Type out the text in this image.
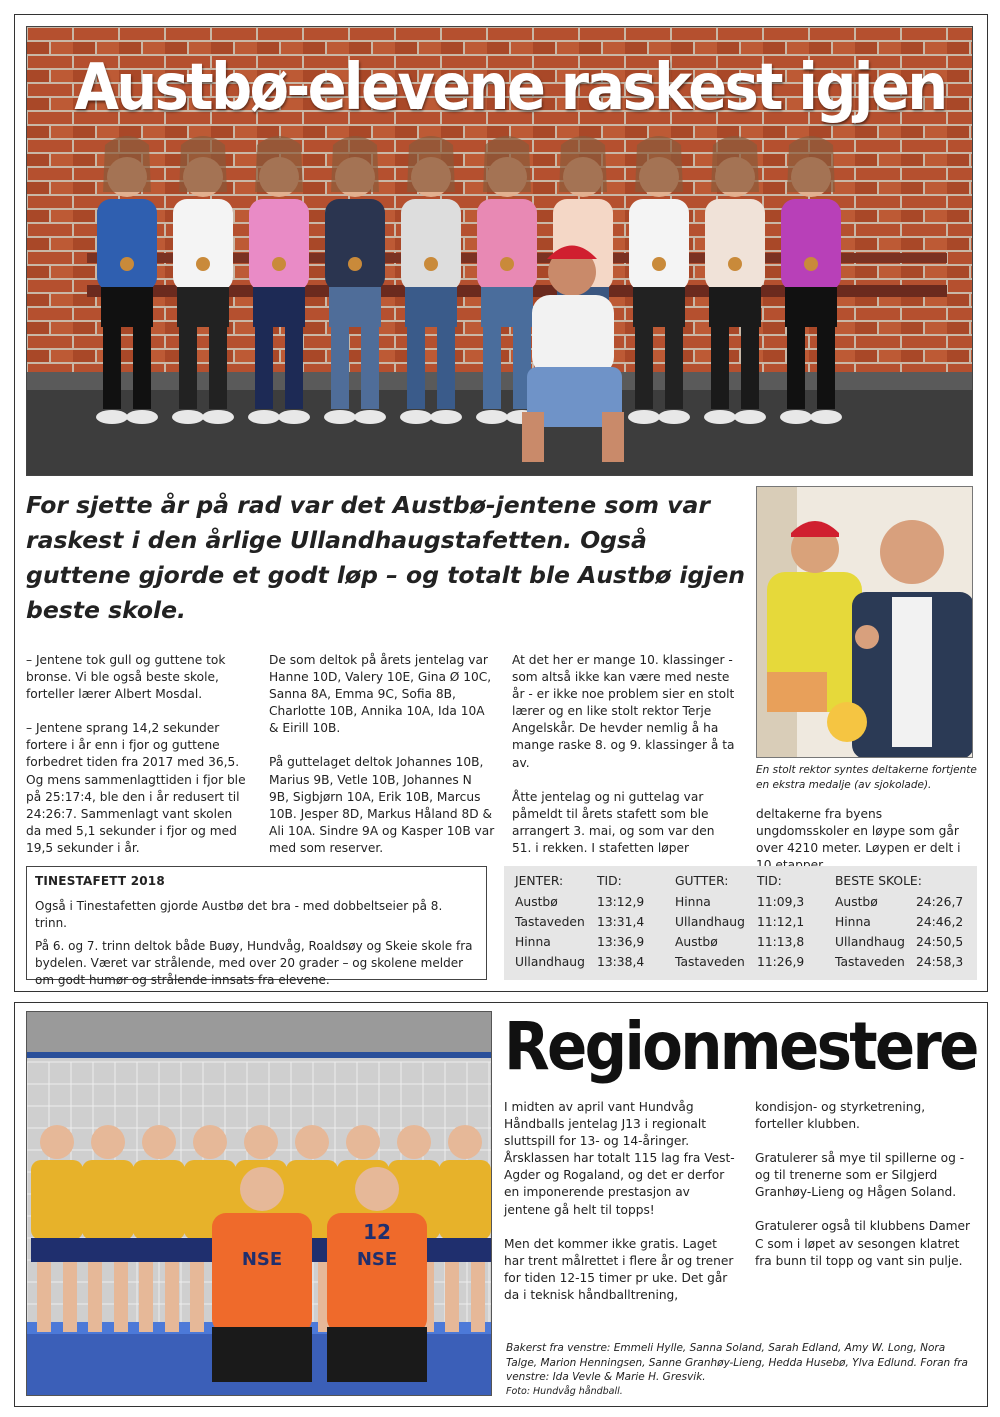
Austbø-elevene raskest igjen

For sjette år på rad var det Austbø-jentene som var raskest i den årlige Ullandhaugstafetten. Også guttene gjorde et godt løp – og totalt ble Austbø igjen beste skole.

En stolt rektor syntes deltakerne fortjente en ekstra medalje (av sjokolade).

– Jentene tok gull og guttene tok bronse. Vi ble også beste skole, forteller lærer Albert Mosdal.

– Jentene sprang 14,2 sekunder fortere i år enn i fjor og guttene forbedret tiden fra 2017 med 36,5. Og mens sammenlagttiden i fjor ble på 25:17:4, ble den i år redusert til 24:26:7. Sammenlagt vant skolen da med 5,1 sekunder i fjor og med 19,5 sekunder i år.

De som deltok på årets jentelag var Hanne 10D, Valery 10E, Gina Ø 10C, Sanna 8A, Emma 9C, Sofia 8B, Charlotte 10B, Annika 10A, Ida 10A & Eirill 10B.

På guttelaget deltok Johannes 10B, Marius 9B, Vetle 10B, Johannes N 9B, Sigbjørn 10A, Erik 10B, Marcus 10B. Jesper 8D, Markus Håland 8D & Ali 10A. Sindre 9A og Kasper 10B var med som reserver.

At det her er mange 10. klassinger - som altså ikke kan være med neste år - er ikke noe problem sier en stolt lærer og en like stolt rektor Terje Angelskår. De hevder nemlig å ha mange raske 8. og 9. klassinger å ta av.

Åtte jentelag og ni guttelag var påmeldt til årets stafett som ble arrangert 3. mai, og som var den 51. i rekken. I stafetten løper

deltakerne fra byens ungdomsskoler en løype som går over 4210 meter. Løypen er delt i

TINESTAFETT 2018

Også i Tinestafetten gjorde Austbø det bra - med dobbeltseier på 8. trinn.

På 6. og 7. trinn deltok både Buøy, Hundvåg, Roaldsøy og Skeie skole fra bydelen. Været var strålende, med over 20 grader – og skolene melder om godt humør og strålende innsats fra elevene.

JENTER:	TID:	GUTTER: TID:	BESTE SKOLE:
Austbø	13:12,9	Hinna	11:09,3	Austbø	24:26,7
Tastaveden 13:31,4	Ullandhaug 11:12,1	Hinna	24:46,2
Hinna	13:36,9	Austbø	11:13,8	Ullandhaug 24:50,5
Ullandhaug 13:38,4	Tastaveden 11:26,9	Tastaveden 24:58,3
NSE	NSE
12
Regionmestere

I midten av april vant Hundvåg Håndballs jentelag J13 i regionalt sluttspill for 13- og 14-åringer. Årsklassen har totalt 115 lag fra Vest-Agder og Rogaland, og det er derfor en imponerende prestasjon av jentene gå helt til topps!

Men det kommer ikke gratis. Laget har trent målrettet i flere år og trener for tiden 12-15 timer pr uke. Det går da i teknisk håndballtrening,

kondisjon- og styrketrening, forteller klubben.

Gratulerer så mye til spillerne og - og til trenerne som er Silgjerd Granhøy-Lieng og Hågen Soland.

Gratulerer også til klubbens Damer C som i løpet av sesongen klatret fra bunn til topp og vant sin pulje.

Bakerst fra venstre: Emmeli Hylle, Sanna Soland, Sarah Edland, Amy W. Long, Nora Talge, Marion Henningsen, Sanne Granhøy-Lieng, Hedda Husebø, Ylva Edlund. Foran fra venstre: Ida Vevle & Marie H. Gresvik.

Foto: Hundvåg håndball.
